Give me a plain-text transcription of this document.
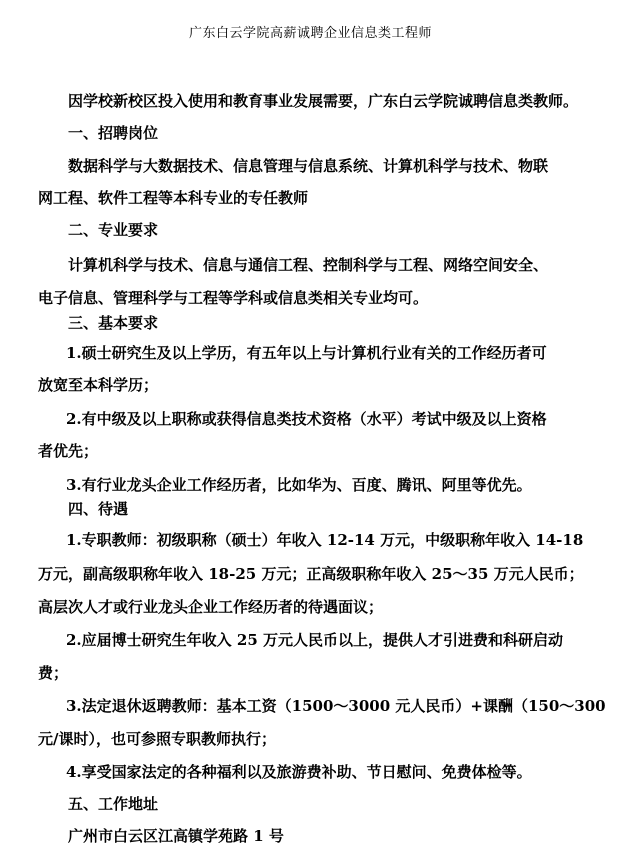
广东白云学院高薪诚聘企业信息类工程师
因学校新校区投入使用和教育事业发展需要，广东白云学院诚聘信息类教师。
一、招聘岗位
数据科学与大数据技术、信息管理与信息系统、计算机科学与技术、物联
网工程、软件工程等本科专业的专任教师
二、专业要求
计算机科学与技术、信息与通信工程、控制科学与工程、网络空间安全、
电子信息、管理科学与工程等学科或信息类相关专业均可。
三、基本要求
1.硕士研究生及以上学历，有五年以上与计算机行业有关的工作经历者可
放宽至本科学历；
2.有中级及以上职称或获得信息类技术资格（水平）考试中级及以上资格
者优先；
3.有行业龙头企业工作经历者，比如华为、百度、腾讯、阿里等优先。
四、待遇
1.专职教师：初级职称（硕士）年收入 12-14 万元，中级职称年收入 14-18
万元，副高级职称年收入 18-25 万元；正高级职称年收入 25～35 万元人民币；
高层次人才或行业龙头企业工作经历者的待遇面议；
2.应届博士研究生年收入 25 万元人民币以上，提供人才引进费和科研启动
费；
3.法定退休返聘教师：基本工资（1500～3000 元人民币）+课酬（150～300
元/课时），也可参照专职教师执行；
4.享受国家法定的各种福利以及旅游费补助、节日慰问、免费体检等。
五、工作地址
广州市白云区江高镇学苑路 1 号
